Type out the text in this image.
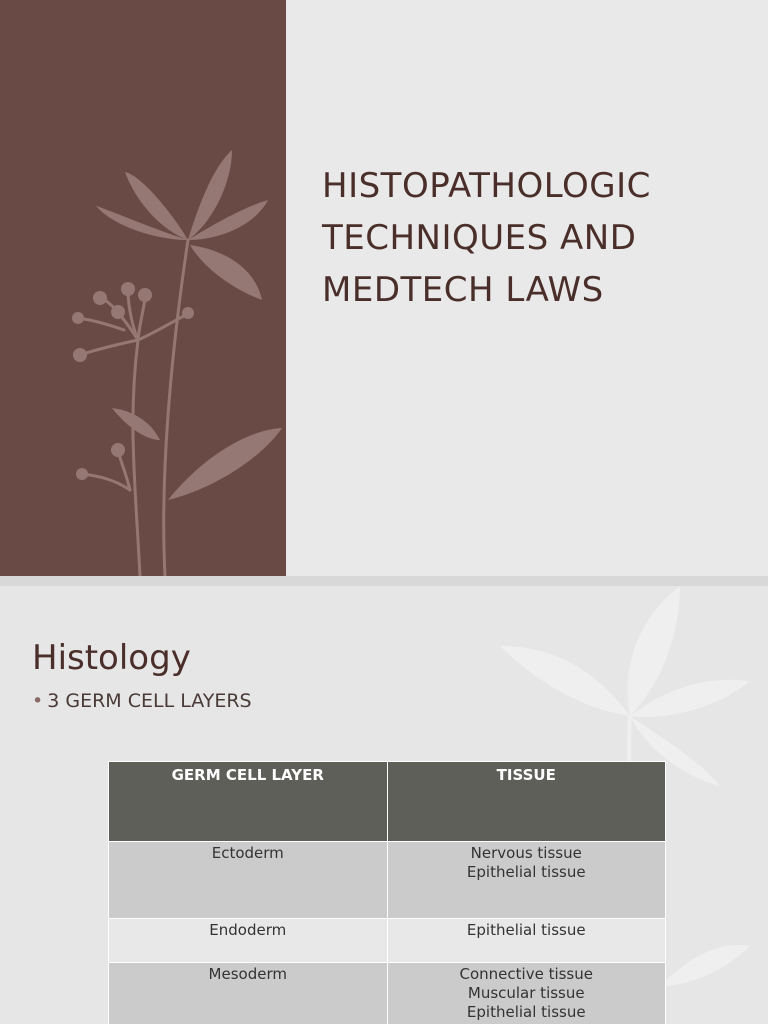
HISTOPATHOLOGIC
TECHNIQUES AND
MEDTECH LAWS
Histology
• 3 GERM CELL LAYERS
GERM CELL LAYER	TISSUE
Ectoderm	Nervous tissue
Epithelial tissue

Endoderm	Epithelial tissue

Mesoderm	Connective tissue
Muscular tissue
Epithelial tissue
